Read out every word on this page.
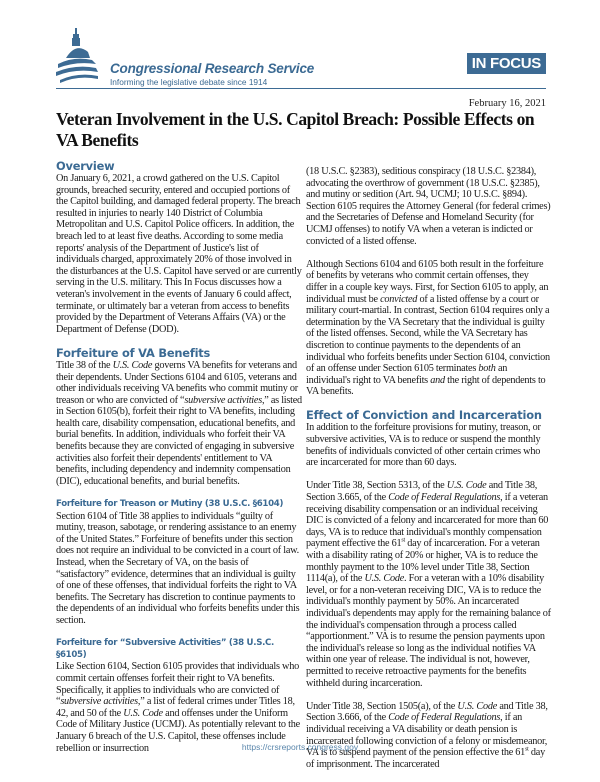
Congressional Research Service
Informing the legislative debate since 1914
IN FOCUS
February 16, 2021
Veteran Involvement in the U.S. Capitol Breach: Possible Effects on VA Benefits
Overview

On January 6, 2021, a crowd gathered on the U.S. Capitol grounds, breached security, entered and occupied portions of the Capitol building, and damaged federal property. The breach resulted in injuries to nearly 140 District of Columbia Metropolitan and U.S. Capitol Police officers. In addition, the breach led to at least five deaths. According to some media reports' analysis of the Department of Justice's list of individuals charged, approximately 20% of those involved in the disturbances at the U.S. Capitol have served or are currently serving in the U.S. military. This In Focus discusses how a veteran's involvement in the events of January 6 could affect, terminate, or ultimately bar a veteran from access to benefits provided by the Department of Veterans Affairs (VA) or the Department of Defense (DOD).

Forfeiture of VA Benefits

Title 38 of the U.S. Code governs VA benefits for veterans and their dependents. Under Sections 6104 and 6105, veterans and other individuals receiving VA benefits who commit mutiny or treason or who are convicted of “subversive activities,” as listed in Section 6105(b), forfeit their right to VA benefits, including health care, disability compensation, educational benefits, and burial benefits. In addition, individuals who forfeit their VA benefits because they are convicted of engaging in subversive activities also forfeit their dependents' entitlement to VA benefits, including dependency and indemnity compensation (DIC), educational benefits, and burial benefits.

Forfeiture for Treason or Mutiny (38 U.S.C. §6104)

Section 6104 of Title 38 applies to individuals “guilty of mutiny, treason, sabotage, or rendering assistance to an enemy of the United States.” Forfeiture of benefits under this section does not require an individual to be convicted in a court of law. Instead, when the Secretary of VA, on the basis of “satisfactory” evidence, determines that an individual is guilty of one of these offenses, that individual forfeits the right to VA benefits. The Secretary has discretion to continue payments to the dependents of an individual who forfeits benefits under this section.

Forfeiture for “Subversive Activities” (38 U.S.C. §6105)

Like Section 6104, Section 6105 provides that individuals who commit certain offenses forfeit their right to VA benefits. Specifically, it applies to individuals who are convicted of “subversive activities,” a list of federal crimes under Titles 18, 42, and 50 of the U.S. Code and offenses under the Uniform Code of Military Justice (UCMJ). As potentially relevant to the January 6 breach of the U.S. Capitol, these offenses include rebellion or insurrection

(18 U.S.C. §2383), seditious conspiracy (18 U.S.C. §2384), advocating the overthrow of government (18 U.S.C. §2385), and mutiny or sedition (Art. 94, UCMJ; 10 U.S.C. §894). Section 6105 requires the Attorney General (for federal crimes) and the Secretaries of Defense and Homeland Security (for UCMJ offenses) to notify VA when a veteran is indicted or convicted of a listed offense.

Although Sections 6104 and 6105 both result in the forfeiture of benefits by veterans who commit certain offenses, they differ in a couple key ways. First, for Section 6105 to apply, an individual must be convicted of a listed offense by a court or military court-martial. In contrast, Section 6104 requires only a determination by the VA Secretary that the individual is guilty of the listed offenses. Second, while the VA Secretary has discretion to continue payments to the dependents of an individual who forfeits benefits under Section 6104, conviction of an offense under Section 6105 terminates both an individual's right to VA benefits and the right of dependents to VA benefits.

Effect of Conviction and Incarceration

In addition to the forfeiture provisions for mutiny, treason, or subversive activities, VA is to reduce or suspend the monthly benefits of individuals convicted of other certain crimes who are incarcerated for more than 60 days.

Under Title 38, Section 5313, of the U.S. Code and Title 38, Section 3.665, of the Code of Federal Regulations, if a veteran receiving disability compensation or an individual receiving DIC is convicted of a felony and incarcerated for more than 60 days, VA is to reduce that individual's monthly compensation payment effective the 61st day of incarceration. For a veteran with a disability rating of 20% or higher, VA is to reduce the monthly payment to the 10% level under Title 38, Section 1114(a), of the U.S. Code. For a veteran with a 10% disability level, or for a non-veteran receiving DIC, VA is to reduce the individual's monthly payment by 50%. An incarcerated individual's dependents may apply for the remaining balance of the individual's compensation through a process called “apportionment.” VA is to resume the pension payments upon the individual's release so long as the individual notifies VA within one year of release. The individual is not, however, permitted to receive retroactive payments for the benefits withheld during incarceration.

Under Title 38, Section 1505(a), of the U.S. Code and Title 38, Section 3.666, of the Code of Federal Regulations, if an individual receiving a VA disability or death pension is incarcerated following conviction of a felony or misdemeanor, VA is to suspend payment of the pension effective the 61st day of imprisonment. The incarcerated

https://crsreports.congress.gov
